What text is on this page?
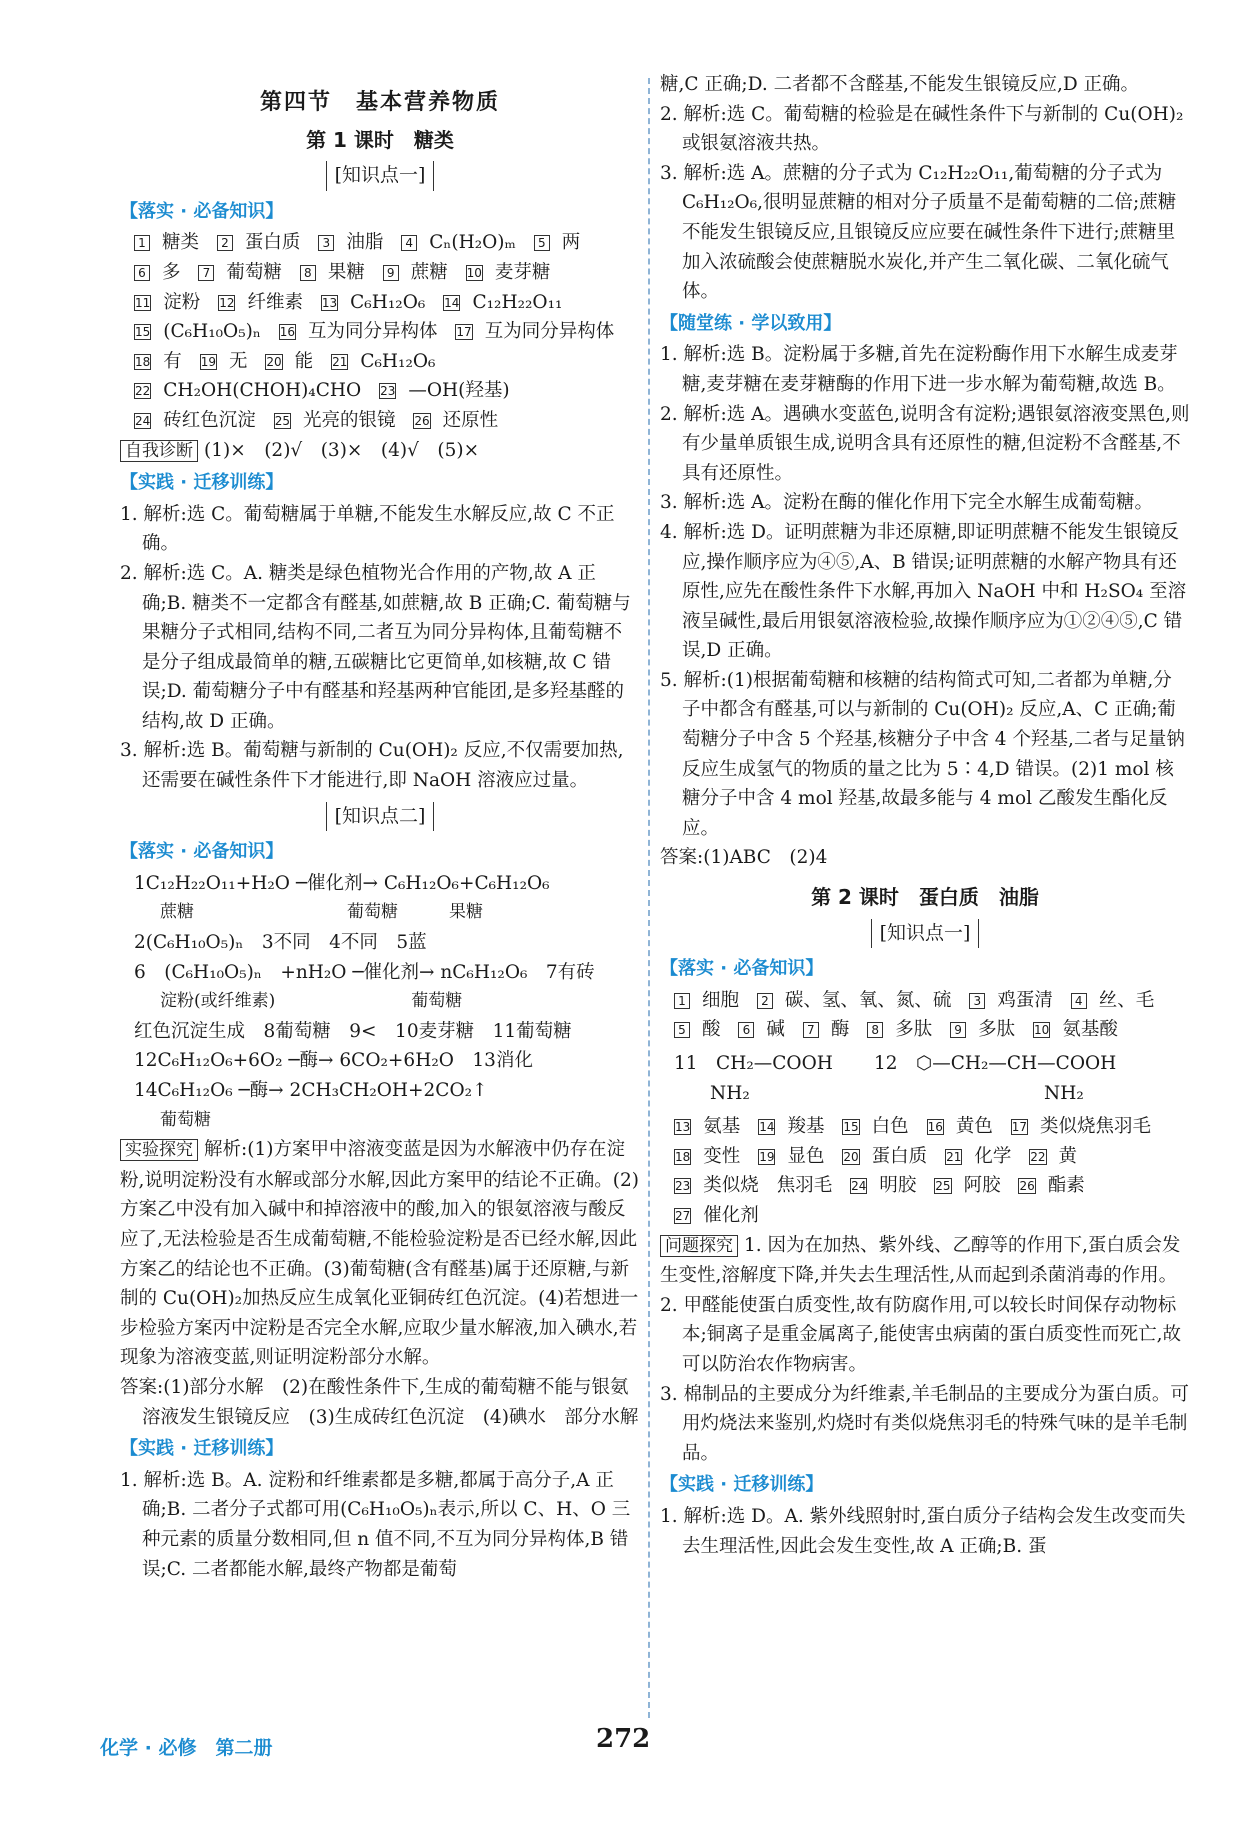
第四节　基本营养物质
第 1 课时　糖类
[知识点一]
【落实 · 必备知识】
1 糖类 2 蛋白质 3 油脂 4 Cₙ(H₂O)ₘ 5 两 6 多 7 葡萄糖 8 果糖 9 蔗糖 10 麦芽糖 11 淀粉 12 纤维素 13 C₆H₁₂O₆ 14 C₁₂H₂₂O₁₁ 15 (C₆H₁₀O₅)ₙ 16 互为同分异构体 17 互为同分异构体 18 有 19 无 20 能 21 C₆H₁₂O₆ 22 CH₂OH(CHOH)₄CHO 23 —OH(羟基) 24 砖红色沉淀 25 光亮的银镜 26 还原性

自我诊断 (1)×　(2)√　(3)×　(4)√　(5)×

【实践 · 迁移训练】

1. 解析:选 C。葡萄糖属于单糖,不能发生水解反应,故 C 不正确。

2. 解析:选 C。A. 糖类是绿色植物光合作用的产物,故 A 正确;B. 糖类不一定都含有醛基,如蔗糖,故 B 正确;C. 葡萄糖与果糖分子式相同,结构不同,二者互为同分异构体,且葡萄糖不是分子组成最简单的糖,五碳糖比它更简单,如核糖,故 C 错误;D. 葡萄糖分子中有醛基和羟基两种官能团,是多羟基醛的结构,故 D 正确。

3. 解析:选 B。葡萄糖与新制的 Cu(OH)₂ 反应,不仅需要加热,还需要在碱性条件下才能进行,即 NaOH 溶液应过量。

[知识点二]
【落实 · 必备知识】

1C₁₂H₂₂O₁₁+H₂O ─催化剂→ C₆H₁₂O₆+C₆H₁₂O₆

蔗糖　　　　　　　　　葡萄糖　　　果糖

2(C₆H₁₀O₅)ₙ　3不同　4不同　5蓝

6　(C₆H₁₀O₅)ₙ　+nH₂O ─催化剂→ nC₆H₁₂O₆　7有砖

淀粉(或纤维素)　　　　　　　　葡萄糖

红色沉淀生成　8葡萄糖　9<　10麦芽糖　11葡萄糖

12C₆H₁₂O₆+6O₂ ─酶→ 6CO₂+6H₂O　13消化

14C₆H₁₂O₆ ─酶→ 2CH₃CH₂OH+2CO₂↑

葡萄糖

实验探究 解析:(1)方案甲中溶液变蓝是因为水解液中仍存在淀粉,说明淀粉没有水解或部分水解,因此方案甲的结论不正确。(2)方案乙中没有加入碱中和掉溶液中的酸,加入的银氨溶液与酸反应了,无法检验是否生成葡萄糖,不能检验淀粉是否已经水解,因此方案乙的结论也不正确。(3)葡萄糖(含有醛基)属于还原糖,与新制的 Cu(OH)₂加热反应生成氧化亚铜砖红色沉淀。(4)若想进一步检验方案丙中淀粉是否完全水解,应取少量水解液,加入碘水,若现象为溶液变蓝,则证明淀粉部分水解。

答案:(1)部分水解　(2)在酸性条件下,生成的葡萄糖不能与银氨溶液发生银镜反应　(3)生成砖红色沉淀　(4)碘水　部分水解

【实践 · 迁移训练】

1. 解析:选 B。A. 淀粉和纤维素都是多糖,都属于高分子,A 正确;B. 二者分子式都可用(C₆H₁₀O₅)ₙ表示,所以 C、H、O 三种元素的质量分数相同,但 n 值不同,不互为同分异构体,B 错误;C. 二者都能水解,最终产物都是葡萄

糖,C 正确;D. 二者都不含醛基,不能发生银镜反应,D 正确。

2. 解析:选 C。葡萄糖的检验是在碱性条件下与新制的 Cu(OH)₂ 或银氨溶液共热。

3. 解析:选 A。蔗糖的分子式为 C₁₂H₂₂O₁₁,葡萄糖的分子式为 C₆H₁₂O₆,很明显蔗糖的相对分子质量不是葡萄糖的二倍;蔗糖不能发生银镜反应,且银镜反应应要在碱性条件下进行;蔗糖里加入浓硫酸会使蔗糖脱水炭化,并产生二氧化碳、二氧化硫气体。

【随堂练 · 学以致用】

1. 解析:选 B。淀粉属于多糖,首先在淀粉酶作用下水解生成麦芽糖,麦芽糖在麦芽糖酶的作用下进一步水解为葡萄糖,故选 B。

2. 解析:选 A。遇碘水变蓝色,说明含有淀粉;遇银氨溶液变黑色,则有少量单质银生成,说明含具有还原性的糖,但淀粉不含醛基,不具有还原性。

3. 解析:选 A。淀粉在酶的催化作用下完全水解生成葡萄糖。

4. 解析:选 D。证明蔗糖为非还原糖,即证明蔗糖不能发生银镜反应,操作顺序应为④⑤,A、B 错误;证明蔗糖的水解产物具有还原性,应先在酸性条件下水解,再加入 NaOH 中和 H₂SO₄ 至溶液呈碱性,最后用银氨溶液检验,故操作顺序应为①②④⑤,C 错误,D 正确。

5. 解析:(1)根据葡萄糖和核糖的结构简式可知,二者都为单糖,分子中都含有醛基,可以与新制的 Cu(OH)₂ 反应,A、C 正确;葡萄糖分子中含 5 个羟基,核糖分子中含 4 个羟基,二者与足量钠反应生成氢气的物质的量之比为 5∶4,D 错误。(2)1 mol 核糖分子中含 4 mol 羟基,故最多能与 4 mol 乙酸发生酯化反应。

答案:(1)ABC　(2)4

第 2 课时　蛋白质　油脂
[知识点一]
【落实 · 必备知识】
1 细胞 2 碳、氢、氧、氮、硫 3 鸡蛋清 4 丝、毛
5 酸 6 碱 7 酶 8 多肽 9 多肽 10 氨基酸

11　CH₂—COOH

NH₂

12　⬡—CH₂—CH—COOH

NH₂

13 氨基 14 羧基 15 白色 16 黄色 17 类似烧焦羽毛 18 变性 19 显色 20 蛋白质 21 化学 22 黄 23 类似烧 焦羽毛 24 明胶 25 阿胶 26 酯素 27 催化剂

问题探究 1. 因为在加热、紫外线、乙醇等的作用下,蛋白质会发生变性,溶解度下降,并失去生理活性,从而起到杀菌消毒的作用。

2. 甲醛能使蛋白质变性,故有防腐作用,可以较长时间保存动物标本;铜离子是重金属离子,能使害虫病菌的蛋白质变性而死亡,故可以防治农作物病害。

3. 棉制品的主要成分为纤维素,羊毛制品的主要成分为蛋白质。可用灼烧法来鉴别,灼烧时有类似烧焦羽毛的特殊气味的是羊毛制品。

【实践 · 迁移训练】

1. 解析:选 D。A. 紫外线照射时,蛋白质分子结构会发生改变而失去生理活性,因此会发生变性,故 A 正确;B. 蛋

化学 · 必修　第二册	272
